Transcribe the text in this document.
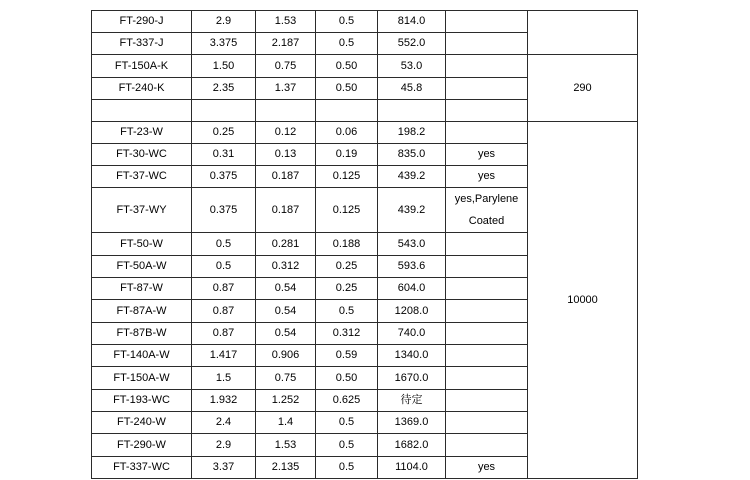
FT-290-J	2.9	1.53	0.5	814.0		
FT-337-J	3.375	2.187	0.5	552.0		
FT-150A-K	1.50	0.75	0.50	53.0		290
FT-240-K	2.35	1.37	0.50	45.8		

FT-23-W	0.25	0.12	0.06	198.2		10000
FT-30-WC	0.31	0.13	0.19	835.0	yes	
FT-37-WC	0.375	0.187	0.125	439.2	yes	
FT-37-WY	0.375	0.187	0.125	439.2	yes,Parylene Coated	
FT-50-W	0.5	0.281	0.188	543.0		
FT-50A-W	0.5	0.312	0.25	593.6		
FT-87-W	0.87	0.54	0.25	604.0		
FT-87A-W	0.87	0.54	0.5	1208.0		
FT-87B-W	0.87	0.54	0.312	740.0		
FT-140A-W	1.417	0.906	0.59	1340.0		
FT-150A-W	1.5	0.75	0.50	1670.0		
FT-193-WC	1.932	1.252	0.625	待定		
FT-240-W	2.4	1.4	0.5	1369.0		
FT-290-W	2.9	1.53	0.5	1682.0		
FT-337-WC	3.37	2.135	0.5	1104.0	yes	
